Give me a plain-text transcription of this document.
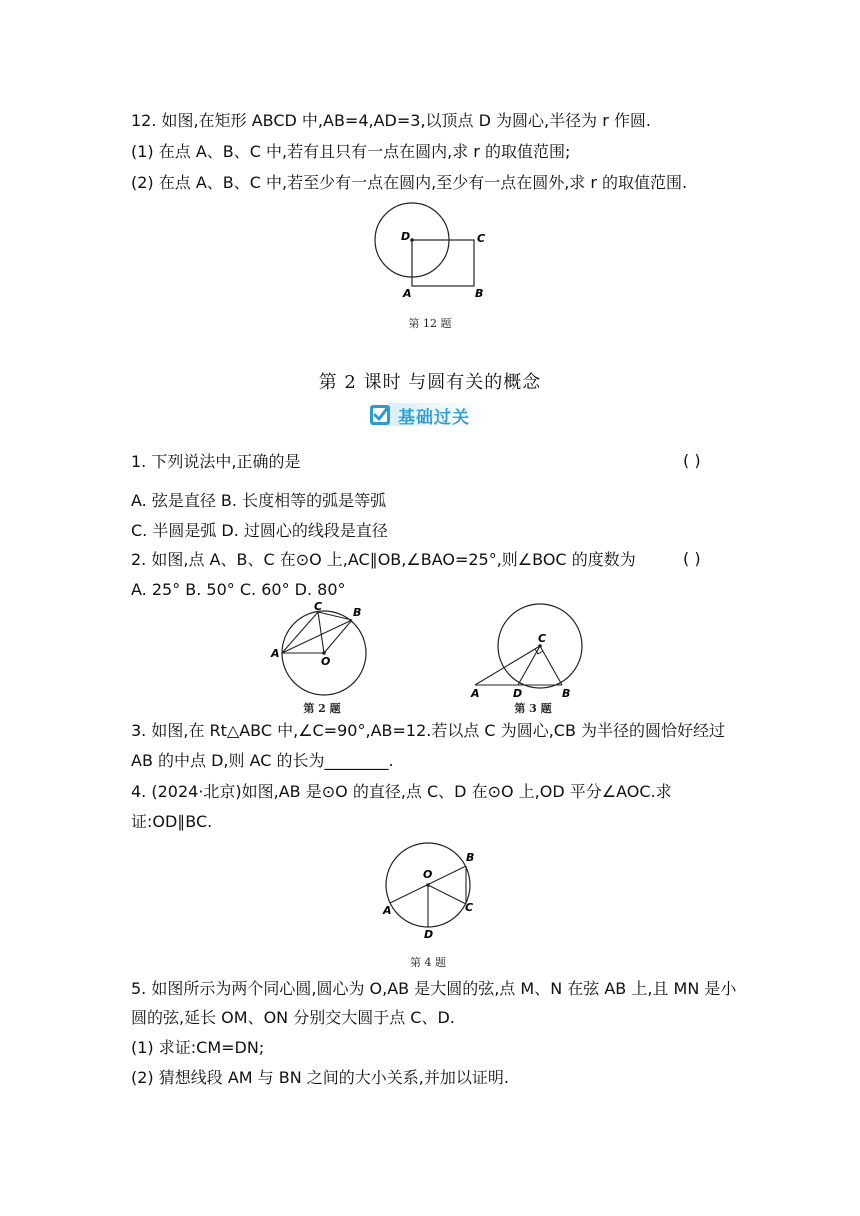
12. 如图,在矩形 ABCD 中,AB=4,AD=3,以顶点 D 为圆心,半径为 r 作圆.
(1) 在点 A、B、C 中,若有且只有一点在圆内,求 r 的取值范围;
(2) 在点 A、B、C 中,若至少有一点在圆内,至少有一点在圆外,求 r 的取值范围.
D	C
A	B
第 12 题
第 2 课时 与圆有关的概念
基础过关
1. 下列说法中,正确的是	( )
A. 弦是直径 B. 长度相等的弧是等弧
C. 半圆是弧 D. 过圆心的线段是直径
2. 如图,点 A、B、C 在⊙O 上,AC∥OB,∠BAO=25°,则∠BOC 的度数为	( )
A. 25° B. 50° C. 60° D. 80°
C	B
A
O
第 2 题
C
A	D	B
第 3 题
3. 如图,在 Rt△ABC 中,∠C=90°,AB=12.若以点 C 为圆心,CB 为半径的圆恰好经过
AB 的中点 D,则 AC 的长为________.
4. (2024·北京)如图,AB 是⊙O 的直径,点 C、D 在⊙O 上,OD 平分∠AOC.求
证:OD∥BC.
O
B
A	C
D
第 4 题
5. 如图所示为两个同心圆,圆心为 O,AB 是大圆的弦,点 M、N 在弦 AB 上,且 MN 是小
圆的弦,延长 OM、ON 分别交大圆于点 C、D.
(1) 求证:CM=DN;
(2) 猜想线段 AM 与 BN 之间的大小关系,并加以证明.
